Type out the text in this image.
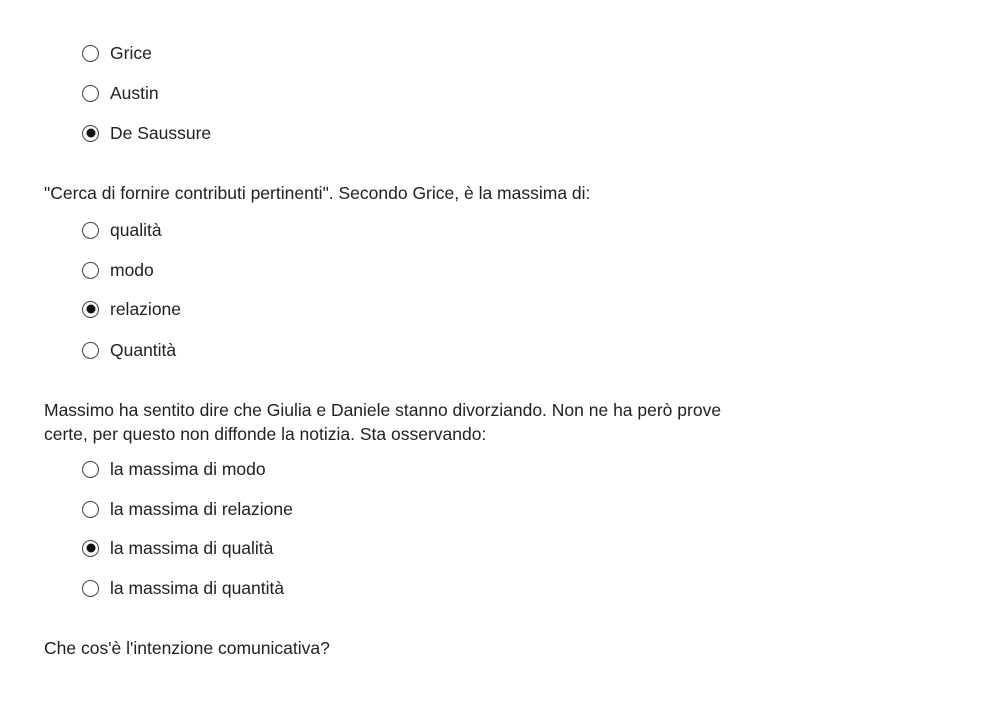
Grice
Austin
De Saussure
"Cerca di fornire contributi pertinenti". Secondo Grice, è la massima di:
qualità
modo
relazione
Quantità
Massimo ha sentito dire che Giulia e Daniele stanno divorziando. Non ne ha però prove certe, per questo non diffonde la notizia. Sta osservando:
la massima di modo
la massima di relazione
la massima di qualità
la massima di quantità
Che cos'è l'intenzione comunicativa?
